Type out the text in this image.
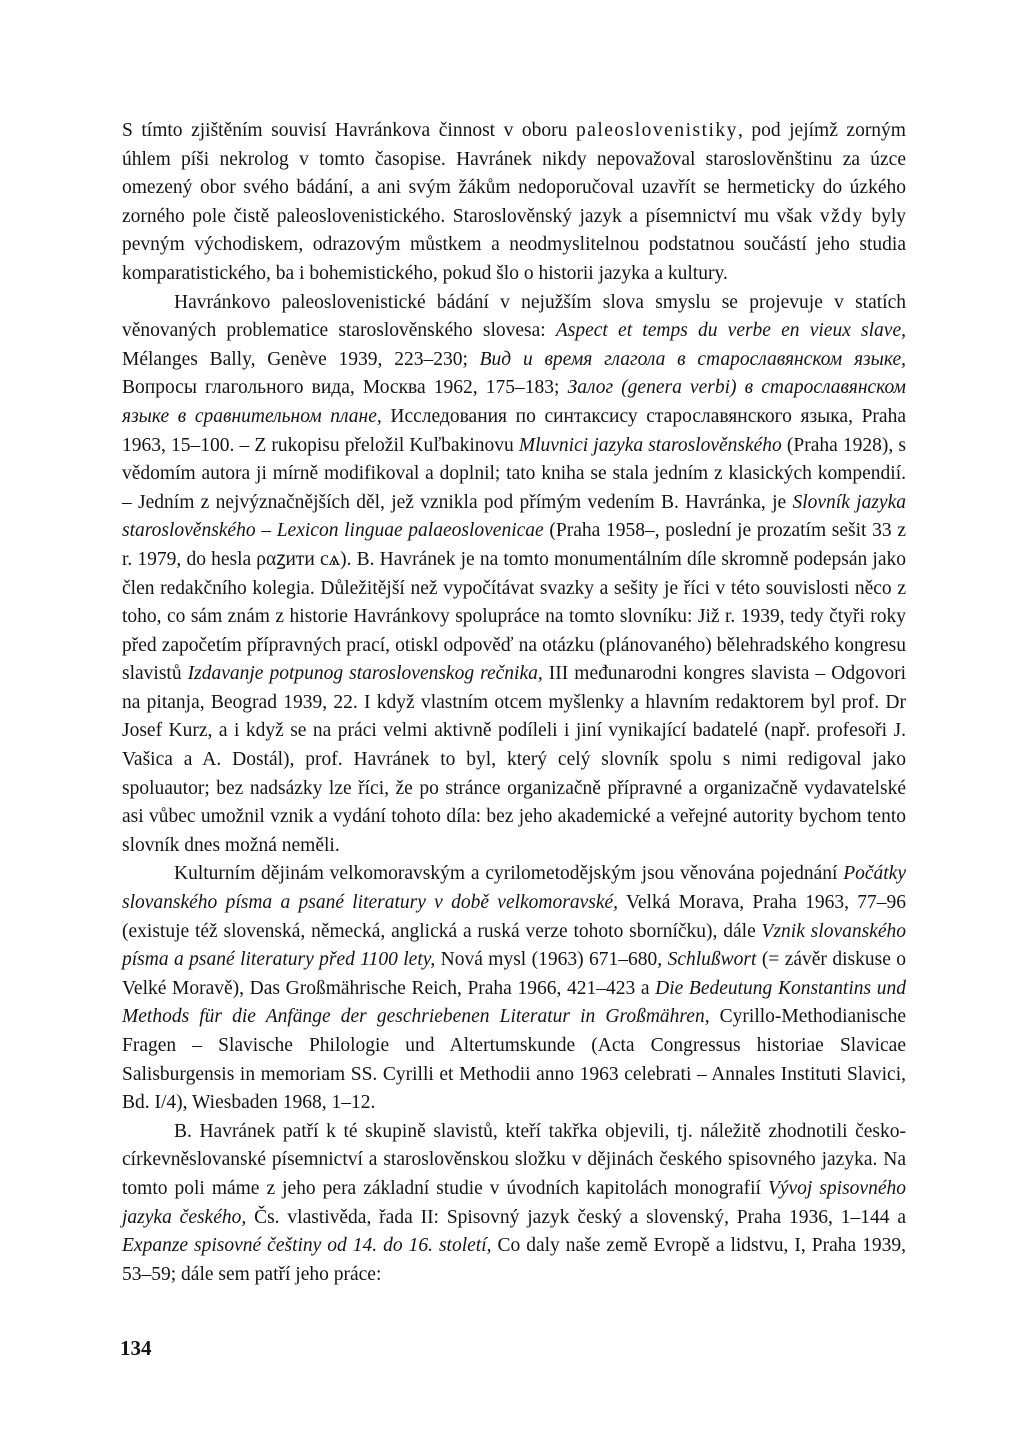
S tímto zjištěním souvisí Havránkova činnost v oboru paleoslovenistiky, pod jejímž zorným úhlem píši nekrolog v tomto časopise. Havránek nikdy nepovažoval staroslověnštinu za úzce omezený obor svého bádání, a ani svým žákům nedoporučoval uzavřít se hermeticky do úzkého zorného pole čistě paleoslovenistického. Staroslověnský jazyk a písemnictví mu však vždy byly pevným východiskem, odrazovým můstkem a neodmyslitelnou podstatnou součástí jeho studia komparatistického, ba i bohemistického, pokud šlo o historii jazyka a kultury.

Havránkovo paleoslovenistické bádání v nejužším slova smyslu se projevuje v statích věnovaných problematice staroslověnského slovesa: Aspect et temps du verbe en vieux slave, Mélanges Bally, Genève 1939, 223–230; Вид и время глагола в старославянском языке, Вопросы глагольного вида, Москва 1962, 175–183; Залог (genera verbi) в старославянском языке в сравнительном плане, Исследования по синтаксису старославянского языка, Praha 1963, 15–100. – Z rukopisu přeložil Kuľbakinovu Mluvnici jazyka staroslověnského (Praha 1928), s vědomím autora ji mírně modifikoval a doplnil; tato kniha se stala jedním z klasických kompendií. – Jedním z nejvýznačnějších děl, jež vznikla pod přímým vedením B. Havránka, je Slovník jazyka staroslověnského – Lexicon linguae palaeoslovenicae (Praha 1958–, poslední je prozatím sešit 33 z r. 1979, do hesla ραꙁити сѧ). B. Havránek je na tomto monumentálním díle skromně podepsán jako člen redakčního kolegia. Důležitější než vypočítávat svazky a sešity je říci v této souvislosti něco z toho, co sám znám z historie Havránkovy spolupráce na tomto slovníku: Již r. 1939, tedy čtyři roky před započetím přípravných prací, otiskl odpověď na otázku (plánovaného) bělehradského kongresu slavistů Izdavanje potpunog staroslovenskog rečnika, III međunarodni kongres slavista – Odgovori na pitanja, Beograd 1939, 22. I když vlastním otcem myšlenky a hlavním redaktorem byl prof. Dr Josef Kurz, a i když se na práci velmi aktivně podíleli i jiní vynikající badatelé (např. profesoři J. Vašica a A. Dostál), prof. Havránek to byl, který celý slovník spolu s nimi redigoval jako spoluautor; bez nadsázky lze říci, že po stránce organizačně přípravné a organizačně vydavatelské asi vůbec umožnil vznik a vydání tohoto díla: bez jeho akademické a veřejné autority bychom tento slovník dnes možná neměli.

Kulturním dějinám velkomoravským a cyrilometodějským jsou věnována pojednání Počátky slovanského písma a psané literatury v době velkomoravské, Velká Morava, Praha 1963, 77–96 (existuje též slovenská, německá, anglická a ruská verze tohoto sborníčku), dále Vznik slovanského písma a psané literatury před 1100 lety, Nová mysl (1963) 671–680, Schlußwort (= závěr diskuse o Velké Moravě), Das Großmährische Reich, Praha 1966, 421–423 a Die Bedeutung Konstantins und Methods für die Anfänge der geschriebenen Literatur in Großmähren, Cyrillo-Methodianische Fragen – Slavische Philologie und Altertumskunde (Acta Congressus historiae Slavicae Salisburgensis in memoriam SS. Cyrilli et Methodii anno 1963 celebrati – Annales Instituti Slavici, Bd. I/4), Wiesbaden 1968, 1–12.

B. Havránek patří k té skupině slavistů, kteří takřka objevili, tj. náležitě zhodnotili česko-církevněslovanské písemnictví a staroslověnskou složku v dějinách českého spisovného jazyka. Na tomto poli máme z jeho pera základní studie v úvodních kapitolách monografií Vývoj spisovného jazyka českého, Čs. vlastivěda, řada II: Spisovný jazyk český a slovenský, Praha 1936, 1–144 a Expanze spisovné češtiny od 14. do 16. století, Co daly naše země Evropě a lidstvu, I, Praha 1939, 53–59; dále sem patří jeho práce:

134
